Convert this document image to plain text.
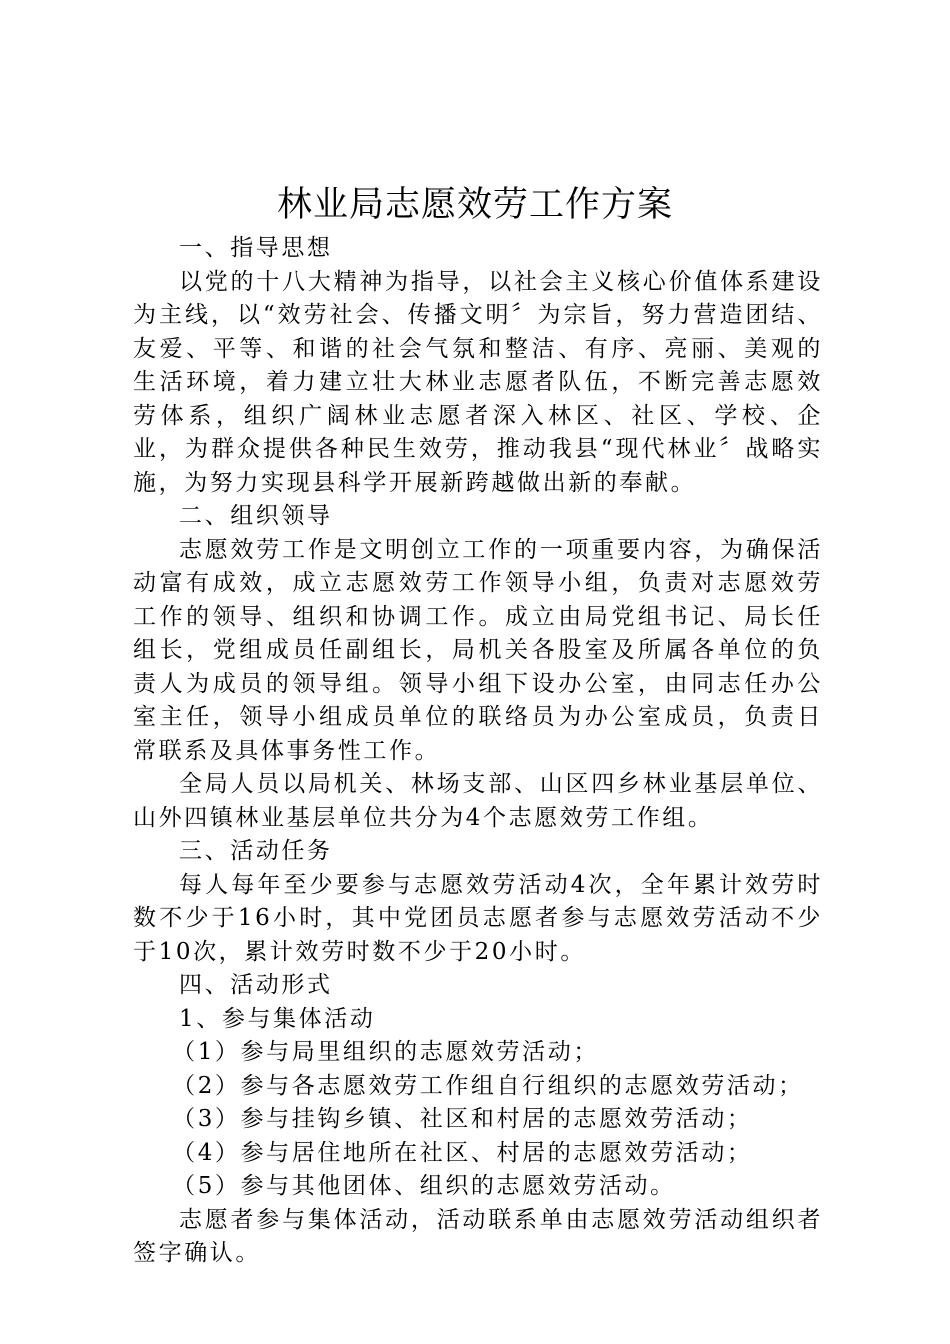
林业局志愿效劳工作方案

一、指导思想

以党的十八大精神为指导，以社会主义核心价值体系建设为主线，以“效劳社会、传播文明〞为宗旨，努力营造团结、友爱、平等、和谐的社会气氛和整洁、有序、亮丽、美观的生活环境，着力建立壮大林业志愿者队伍，不断完善志愿效劳体系，组织广阔林业志愿者深入林区、社区、学校、企业，为群众提供各种民生效劳，推动我县“现代林业〞战略实施，为努力实现县科学开展新跨越做出新的奉献。

二、组织领导

志愿效劳工作是文明创立工作的一项重要内容，为确保活动富有成效，成立志愿效劳工作领导小组，负责对志愿效劳工作的领导、组织和协调工作。成立由局党组书记、局长任组长，党组成员任副组长，局机关各股室及所属各单位的负责人为成员的领导组。领导小组下设办公室，由同志任办公室主任，领导小组成员单位的联络员为办公室成员，负责日常联系及具体事务性工作。

全局人员以局机关、林场支部、山区四乡林业基层单位、山外四镇林业基层单位共分为4个志愿效劳工作组。

三、活动任务

每人每年至少要参与志愿效劳活动4次，全年累计效劳时数不少于16小时，其中党团员志愿者参与志愿效劳活动不少于10次，累计效劳时数不少于20小时。

四、活动形式

1、参与集体活动

（1）参与局里组织的志愿效劳活动；

（2）参与各志愿效劳工作组自行组织的志愿效劳活动；

（3）参与挂钩乡镇、社区和村居的志愿效劳活动；

（4）参与居住地所在社区、村居的志愿效劳活动；

（5）参与其他团体、组织的志愿效劳活动。

志愿者参与集体活动，活动联系单由志愿效劳活动组织者签字确认。
